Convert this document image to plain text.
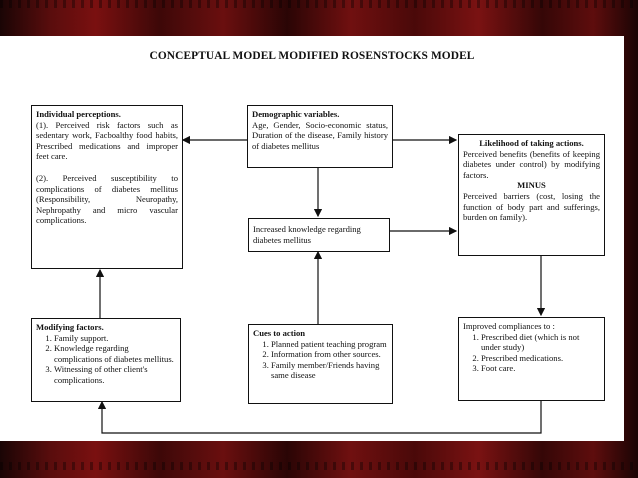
CONCEPTUAL MODEL MODIFIED ROSENSTOCKS MODEL

Individual perceptions.

(1). Perceived risk factors such as sedentary work, Facboalthy food habits, Prescribed medications and improper feet care.

(2). Perceived susceptibility to complications of diabetes mellitus (Responsibility, Neuropathy, Nephropathy and micro vascular complications.

Demographic variables.

Age, Gender, Socio-economic status, Duration of the disease, Family history of diabetes mellitus

Increased knowledge regarding diabetes mellitus

Likelihood of taking actions.

Perceived benefits (benefits of keeping diabetes under control) by modifying factors.

MINUS

Perceived barriers (cost, losing the function of body part and sufferings, burden on family).

Modifying factors.

1. Family support.
2. Knowledge regarding complications of diabetes mellitus.
3. Witnessing of other client's complications.

Cues to action

1. Planned patient teaching program
2. Information from other sources.
3. Family member/Friends having same disease

Improved compliances to :

1. Prescribed diet (which is not under study)
2. Prescribed medications.
3. Foot care.
